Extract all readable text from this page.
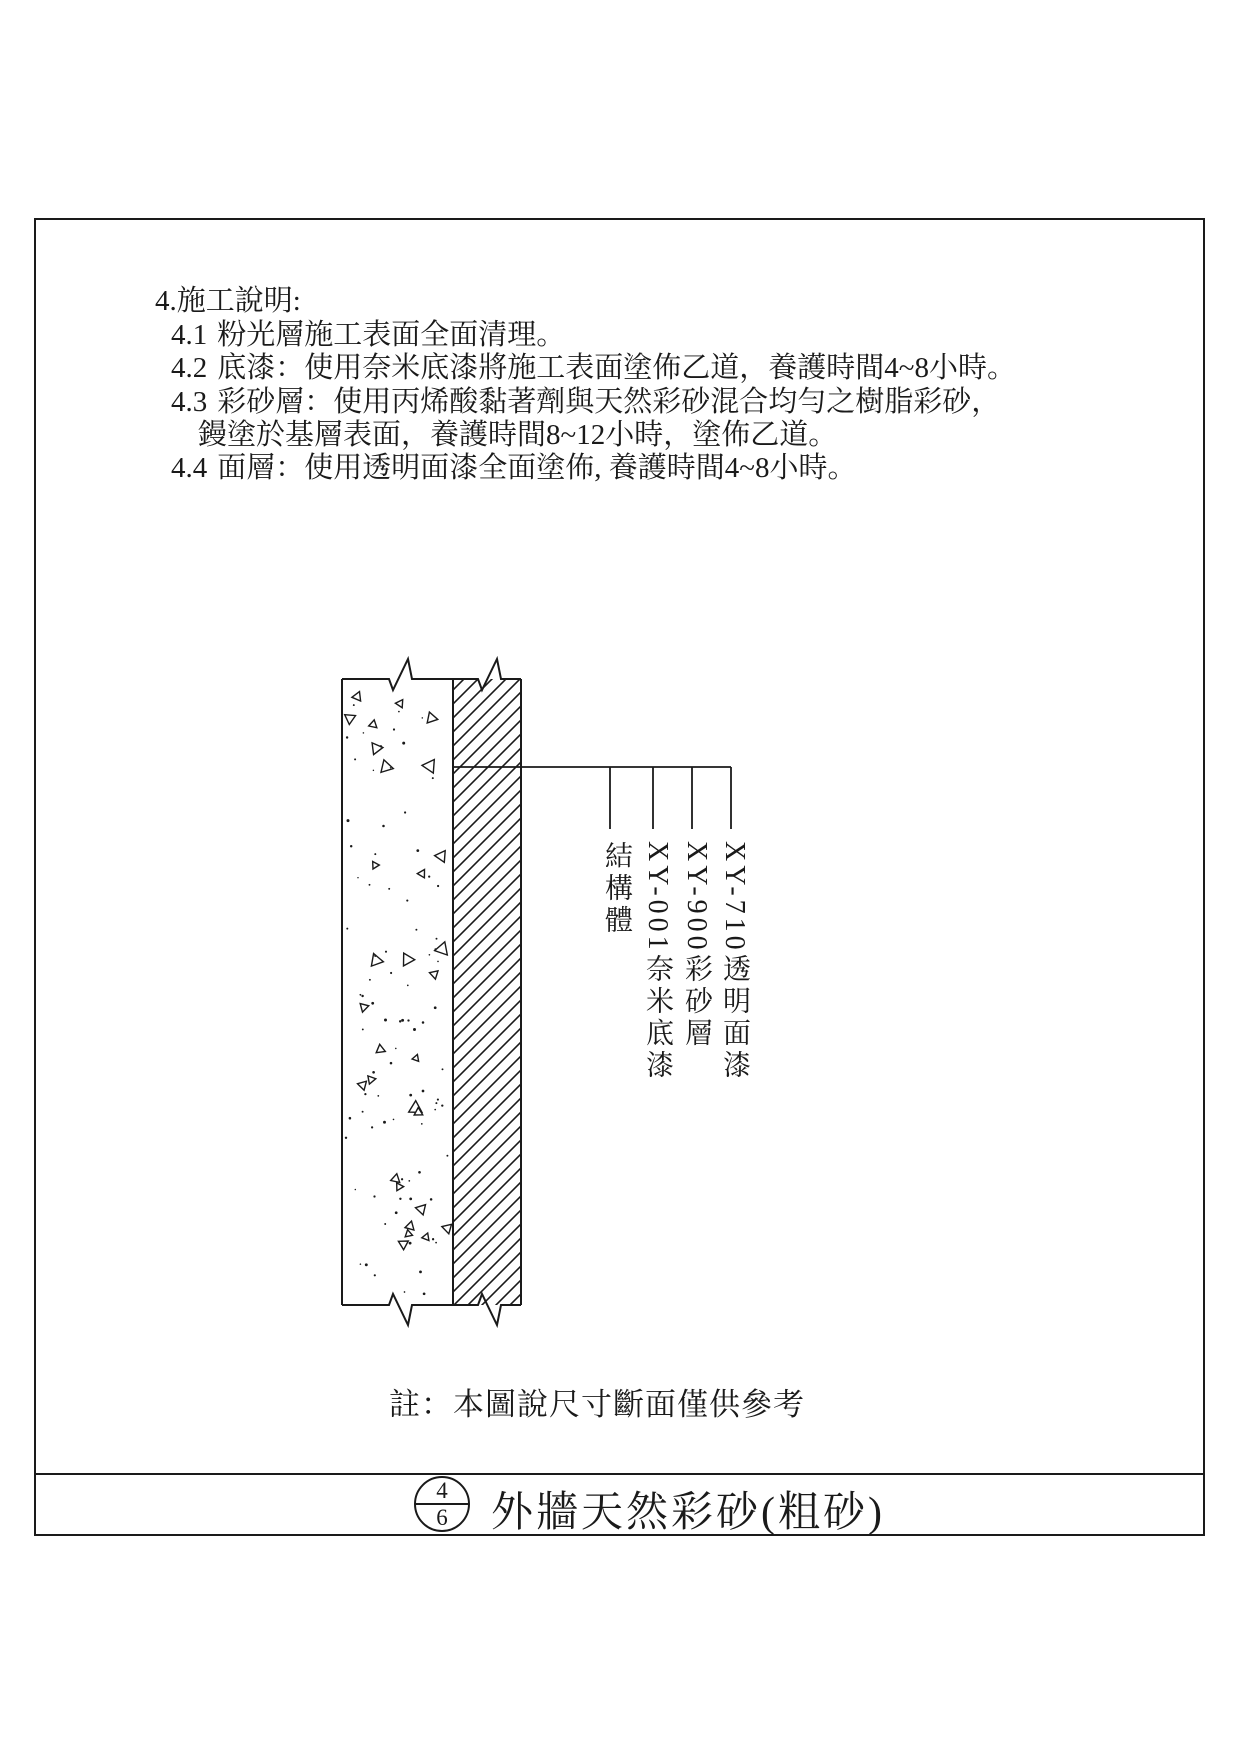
4.施工說明:
4.1 粉光層施工表面全面清理。
4.2 底漆：使用奈米底漆將施工表面塗佈乙道，養護時間4~8小時。
4.3 彩砂層：使用丙烯酸黏著劑與天然彩砂混合均勻之樹脂彩砂，
鏝塗於基層表面，養護時間8~12小時，塗佈乙道。
4.4 面層：使用透明面漆全面塗佈, 養護時間4~8小時。
結構體 XY-001奈米底漆 XY-900彩砂層 XY-710透明面漆
註：本圖說尺寸斷面僅供參考
$\frac{4}{6}$ 外牆天然彩砂(粗砂)
